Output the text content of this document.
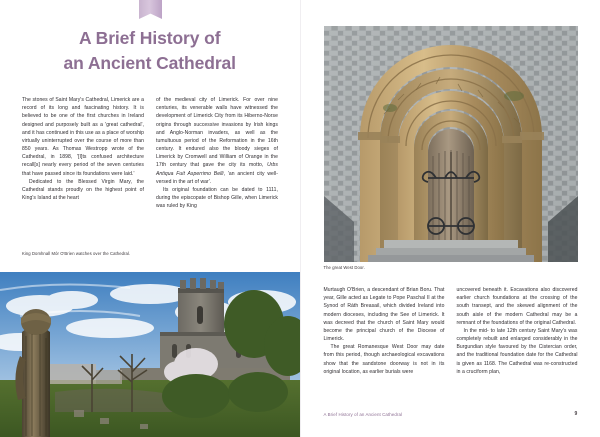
A Brief History of
an Ancient Cathedral

The stones of Saint Mary's Cathedral, Limerick are a record of its long and fascinating history. It is believed to be one of the first churches in Ireland designed and purposely built as a 'great cathedral', and it has continued in this use as a place of worship virtually uninterrupted over the course of more than 850 years. As Thomas Westropp wrote of the Cathedral, in 1898, '[I]ts confused architecture recall[s] nearly every period of the seven centuries that have passed since its foundations were laid.'

Dedicated to the Blessed Virgin Mary, the Cathedral stands proudly on the highest point of King's Island at the heart

of the medieval city of Limerick. For over nine centuries, its venerable walls have witnessed the development of Limerick City from its Hiberno-Norse origins through successive invasions by Irish kings and Anglo-Norman invaders, as well as the tumultuous period of the Reformation in the 16th century. It endured also the bloody sieges of Limerick by Cromwell and William of Orange in the 17th century that gave the city its motto, Urbs Antiqua Fuit Asperrimo Belli, 'an ancient city well-versed in the art of war'.

Its original foundation can be dated to 1111, during the episcopate of Bishop Gille, when Limerick was ruled by King

King Domhnall Mór O'Brien watches over the Cathedral.
The great West Door.

Murtaugh O'Brien, a descendant of Brian Boru. That year, Gille acted as Legate to Pope Paschal II at the Synod of Ráth Breasail, which divided Ireland into modern dioceses, including the See of Limerick. It was decreed that the church of Saint Mary would become the principal church of the Diocese of Limerick.

The great Romanesque West Door may date from this period, though archaeological excavations show that the sandstone doorway is not in its original location, as earlier burials were

uncovered beneath it. Excavations also discovered earlier church foundations at the crossing of the south transept, and the skewed alignment of the south aisle of the modern Cathedral may be a remnant of the foundations of the original Cathedral.

In the mid- to late 12th century Saint Mary's was completely rebuilt and enlarged considerably in the Burgundian style favoured by the Cistercian order, and the traditional foundation date for the Cathedral is given as 1168. The Cathedral was re-constructed in a cruciform plan,

A Brief History of an Ancient Cathedral	9
